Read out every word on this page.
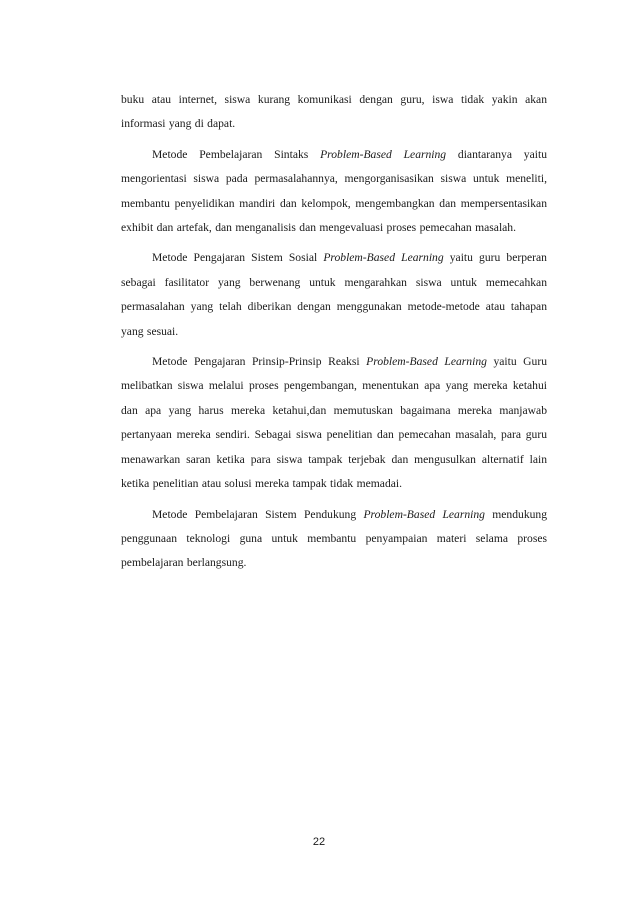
buku atau internet, siswa kurang komunikasi dengan guru, iswa tidak yakin akan informasi yang di dapat.

Metode Pembelajaran Sintaks Problem-Based Learning diantaranya yaitu mengorientasi siswa pada permasalahannya, mengorganisasikan siswa untuk meneliti, membantu penyelidikan mandiri dan kelompok, mengembangkan dan mempersentasikan exhibit dan artefak, dan menganalisis dan mengevaluasi proses pemecahan masalah.

Metode Pengajaran Sistem Sosial Problem-Based Learning yaitu guru berperan sebagai fasilitator yang berwenang untuk mengarahkan siswa untuk memecahkan permasalahan yang telah diberikan dengan menggunakan metode-metode atau tahapan yang sesuai.

Metode Pengajaran Prinsip-Prinsip Reaksi Problem-Based Learning yaitu Guru melibatkan siswa melalui proses pengembangan, menentukan apa yang mereka ketahui dan apa yang harus mereka ketahui,dan memutuskan bagaimana mereka manjawab pertanyaan mereka sendiri. Sebagai siswa penelitian dan pemecahan masalah, para guru menawarkan saran ketika para siswa tampak terjebak dan mengusulkan alternatif lain ketika penelitian atau solusi mereka tampak tidak memadai.

Metode Pembelajaran Sistem Pendukung Problem-Based Learning mendukung penggunaan teknologi guna untuk membantu penyampaian materi selama proses pembelajaran berlangsung.

22
